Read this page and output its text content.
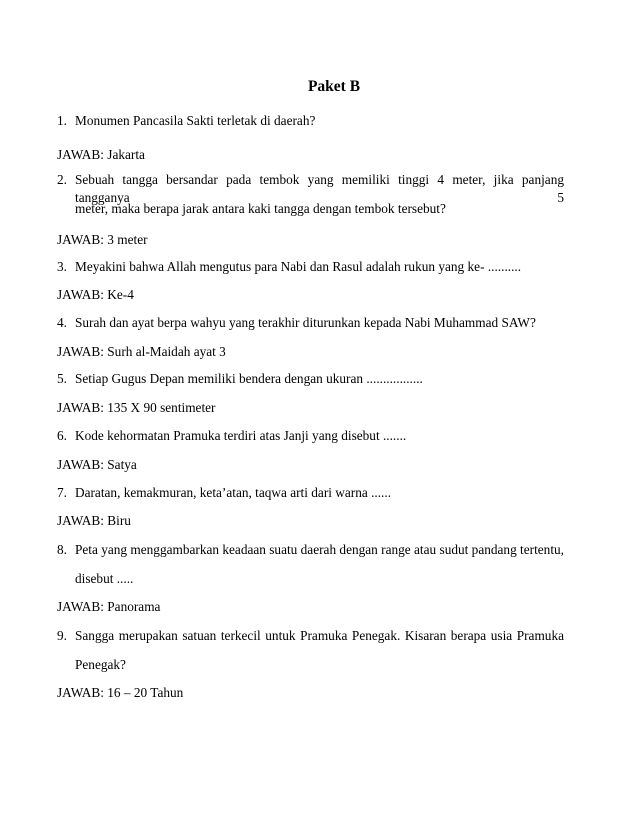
Paket B
1. Monumen Pancasila Sakti terletak di daerah?
JAWAB: Jakarta
2. Sebuah tangga bersandar pada tembok yang memiliki tinggi 4 meter, jika panjang tangganya 5
meter, maka berapa jarak antara kaki tangga dengan tembok tersebut?
JAWAB: 3 meter
3. Meyakini bahwa Allah mengutus para Nabi dan Rasul adalah rukun yang ke- ..........
JAWAB: Ke-4
4. Surah dan ayat berpa wahyu yang terakhir diturunkan kepada Nabi Muhammad SAW?
JAWAB: Surh al-Maidah ayat 3
5. Setiap Gugus Depan memiliki bendera dengan ukuran .................
JAWAB: 135 X 90 sentimeter
6. Kode kehormatan Pramuka terdiri atas Janji yang disebut .......
JAWAB: Satya
7. Daratan, kemakmuran, keta’atan, taqwa arti dari warna ......
JAWAB: Biru
8. Peta yang menggambarkan keadaan suatu daerah dengan range atau sudut pandang tertentu,
disebut .....
JAWAB: Panorama
9. Sangga merupakan satuan terkecil untuk Pramuka Penegak. Kisaran berapa usia Pramuka
Penegak?
JAWAB: 16 – 20 Tahun
